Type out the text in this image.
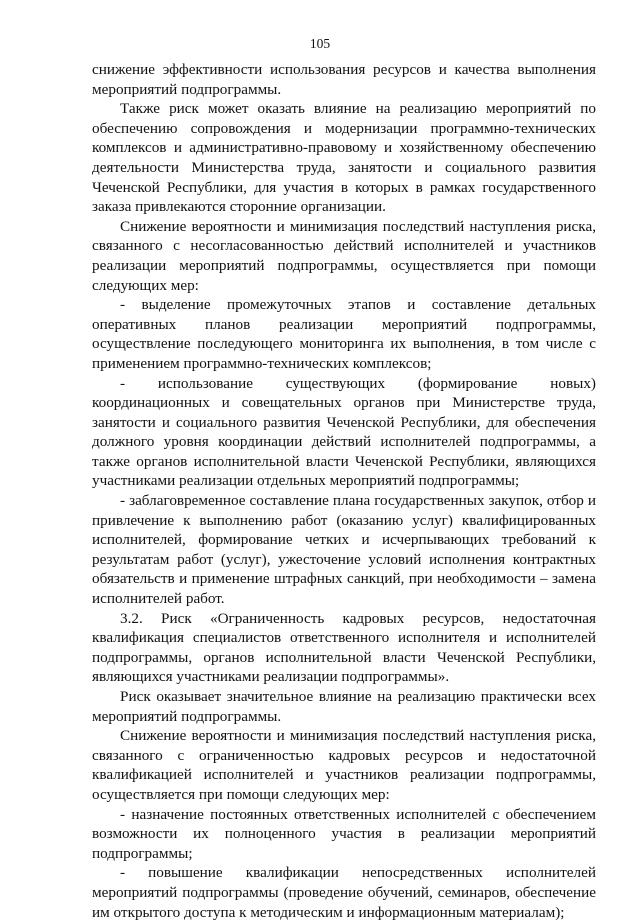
105

снижение эффективности использования ресурсов и качества выполнения мероприятий подпрограммы.

Также риск может оказать влияние на реализацию мероприятий по обеспечению сопровождения и модернизации программно-технических комплексов и административно-правовому и хозяйственному обеспечению деятельности Министерства труда, занятости и социального развития Чеченской Республики, для участия в которых в рамках государственного заказа привлекаются сторонние организации.

Снижение вероятности и минимизация последствий наступления риска, связанного с несогласованностью действий исполнителей и участников реализации мероприятий подпрограммы, осуществляется при помощи следующих мер:

- выделение промежуточных этапов и составление детальных оперативных планов реализации мероприятий подпрограммы, осуществление последующего мониторинга их выполнения, в том числе с применением программно-технических комплексов;

- использование существующих (формирование новых) координационных и совещательных органов при Министерстве труда, занятости и социального развития Чеченской Республики, для обеспечения должного уровня координации действий исполнителей подпрограммы, а также органов исполнительной власти Чеченской Республики, являющихся участниками реализации отдельных мероприятий подпрограммы;

- заблаговременное составление плана государственных закупок, отбор и привлечение к выполнению работ (оказанию услуг) квалифицированных исполнителей, формирование четких и исчерпывающих требований к результатам работ (услуг), ужесточение условий исполнения контрактных обязательств и применение штрафных санкций, при необходимости – замена исполнителей работ.

3.2. Риск «Ограниченность кадровых ресурсов, недостаточная квалификация специалистов ответственного исполнителя и исполнителей подпрограммы, органов исполнительной власти Чеченской Республики, являющихся участниками реализации подпрограммы».

Риск оказывает значительное влияние на реализацию практически всех мероприятий подпрограммы.

Снижение вероятности и минимизация последствий наступления риска, связанного с ограниченностью кадровых ресурсов и недостаточной квалификацией исполнителей и участников реализации подпрограммы, осуществляется при помощи следующих мер:

- назначение постоянных ответственных исполнителей с обеспечением возможности их полноценного участия в реализации мероприятий подпрограммы;

- повышение квалификации непосредственных исполнителей мероприятий подпрограммы (проведение обучений, семинаров, обеспечение им открытого доступа к методическим и информационным материалам);
